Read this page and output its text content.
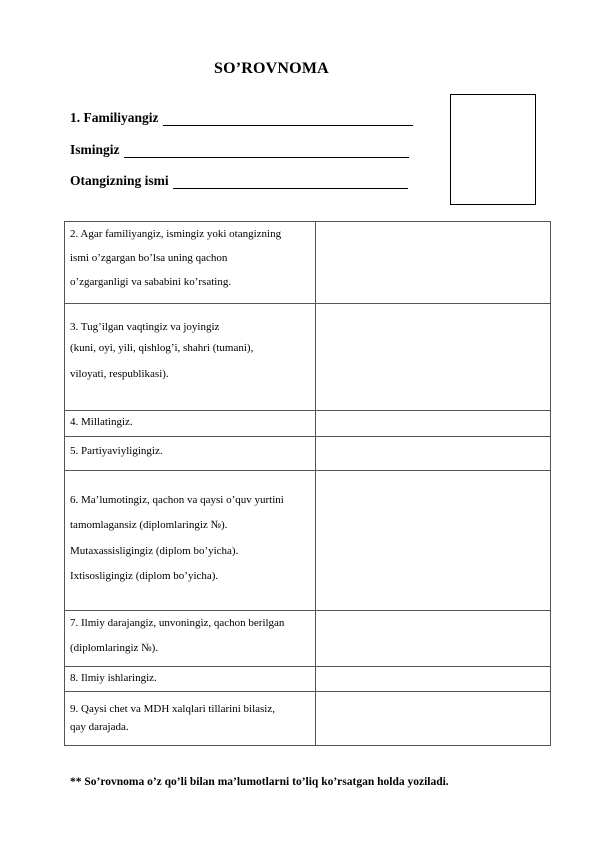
SO’ROVNOMA
1. Familiyangiz
Ismingiz
Otangizning ismi
2. Agar familiyangiz, ismingiz yoki otangizning
ismi o’zgargan bo’lsa uning qachon
o’zgarganligi va sababini ko’rsating.	

3. Tug’ilgan vaqtingiz va joyingiz
(kuni, oyi, yili, qishlog’i, shahri (tumani),
viloyati, respublikasi).	

4. Millatingiz.	

5. Partiyaviyligingiz.	

6. Ma’lumotingiz, qachon va qaysi o’quv yurtini
tamomlagansiz (diplomlaringiz №).
Mutaxassisligingiz (diplom bo’yicha).
Ixtisosligingiz (diplom bo’yicha).	

7. Ilmiy darajangiz, unvoningiz, qachon berilgan
(diplomlaringiz №).	

8. Ilmiy ishlaringiz.	

9. Qaysi chet va MDH xalqlari tillarini bilasiz,
qay darajada.	

** So’rovnoma o’z qo’li bilan ma’lumotlarni to’liq ko’rsatgan holda yoziladi.
